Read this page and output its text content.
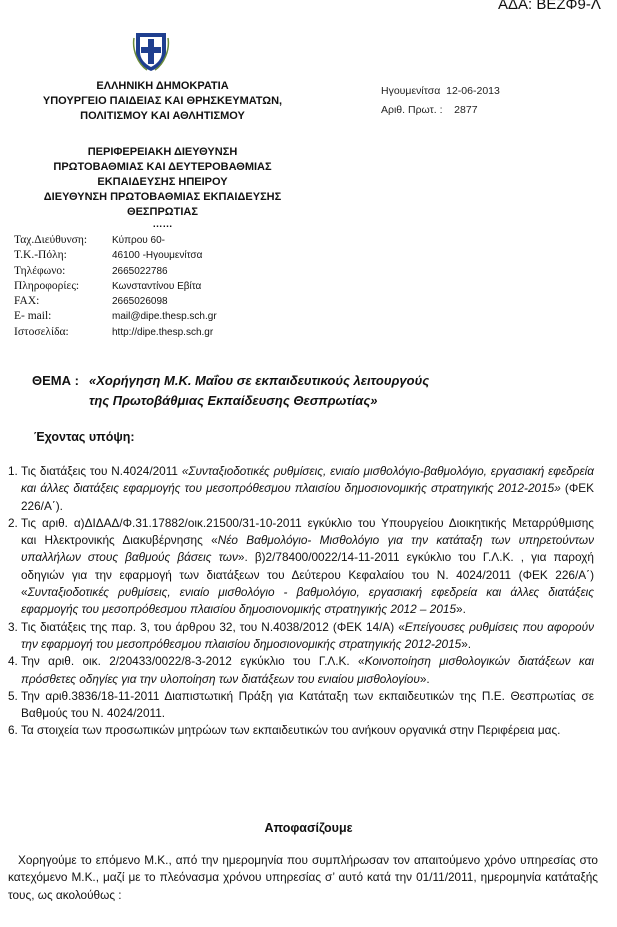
ΑΔΑ: ΒΕΖΦ9-Λ
ΕΛΛΗΝΙΚΗ ΔΗΜΟΚΡΑΤΙΑ
ΥΠΟΥΡΓΕΙΟ ΠΑΙΔΕΙΑΣ ΚΑΙ ΘΡΗΣΚΕΥΜΑΤΩΝ,
ΠΟΛΙΤΙΣΜΟΥ ΚΑΙ ΑΘΛΗΤΙΣΜΟΥ
ΠΕΡΙΦΕΡΕΙΑΚΗ ΔΙΕΥΘΥΝΣΗ
ΠΡΩΤΟΒΑΘΜΙΑΣ ΚΑΙ ΔΕΥΤΕΡΟΒΑΘΜΙΑΣ
ΕΚΠΑΙΔΕΥΣΗΣ ΗΠΕΙΡΟΥ
ΔΙΕΥΘΥΝΣΗ ΠΡΩΤΟΒΑΘΜΙΑΣ ΕΚΠΑΙΔΕΥΣΗΣ
ΘΕΣΠΡΩΤΙΑΣ
……
Ηγουμενίτσα 12-06-2013
Αριθ. Πρωτ. : 2877
Ταχ.Διεύθυνση:	Κύπρου 60-
Τ.Κ.-Πόλη:	46100 -Ηγουμενίτσα
Τηλέφωνο:	2665022786
Πληροφορίες:	Κωνσταντίνου Εβίτα
FAX:	2665026098
E- mail:	mail@dipe.thesp.sch.gr
Ιστοσελίδα:	http://dipe.thesp.sch.gr
ΘΕΜΑ : «Χορήγηση Μ.Κ. Μαΐου σε εκπαιδευτικούς λειτουργούς
της Πρωτοβάθμιας Εκπαίδευσης Θεσπρωτίας»
Έχοντας υπόψη:
1. Τις διατάξεις του Ν.4024/2011 «Συνταξιοδοτικές ρυθμίσεις, ενιαίο μισθολόγιο-βαθμολόγιο, εργασιακή εφεδρεία και άλλες διατάξεις εφαρμογής του μεσοπρόθεσμου πλαισίου δημοσιονομικής στρατηγικής 2012-2015» (ΦΕΚ 226/Α΄).
2. Τις αριθ. α)ΔΙΔΑΔ/Φ.31.17882/οικ.21500/31-10-2011 εγκύκλιο του Υπουργείου Διοικητικής Μεταρρύθμισης και Ηλεκτρονικής Διακυβέρνησης «Νέο Βαθμολόγιο- Μισθολόγιο για την κατάταξη των υπηρετούντων υπαλλήλων στους βαθμούς βάσεις των». β)2/78400/0022/14-11-2011 εγκύκλιο του Γ.Λ.Κ. , για παροχή οδηγιών για την εφαρμογή των διατάξεων του Δεύτερου Κεφαλαίου του Ν. 4024/2011 (ΦΕΚ 226/Α΄) «Συνταξιοδοτικές ρυθμίσεις, ενιαίο μισθολόγιο - βαθμολόγιο, εργασιακή εφεδρεία και άλλες διατάξεις εφαρμογής του μεσοπρόθεσμου πλαισίου δημοσιονομικής στρατηγικής 2012 – 2015».
3. Τις διατάξεις της παρ. 3, του άρθρου 32, του Ν.4038/2012 (ΦΕΚ 14/Α) «Επείγουσες ρυθμίσεις που αφορούν την εφαρμογή του μεσοπρόθεσμου πλαισίου δημοσιονομικής στρατηγικής 2012-2015».
4. Την αριθ. οικ. 2/20433/0022/8-3-2012 εγκύκλιο του Γ.Λ.Κ. «Κοινοποίηση μισθολογικών διατάξεων και πρόσθετες οδηγίες για την υλοποίηση των διατάξεων του ενιαίου μισθολογίου».
5. Την αριθ.3836/18-11-2011 Διαπιστωτική Πράξη για Κατάταξη των εκπαιδευτικών της Π.Ε. Θεσπρωτίας σε Βαθμούς του Ν. 4024/2011.
6. Τα στοιχεία των προσωπικών μητρώων των εκπαιδευτικών του ανήκουν οργανικά στην Περιφέρεια μας.
Αποφασίζουμε
Χορηγούμε το επόμενο Μ.Κ., από την ημερομηνία που συμπλήρωσαν τον απαιτούμενο χρόνο υπηρεσίας στο κατεχόμενο Μ.Κ., μαζί με το πλεόνασμα χρόνου υπηρεσίας σ’ αυτό κατά την 01/11/2011, ημερομηνία κατάταξής τους, ως ακολούθως :
